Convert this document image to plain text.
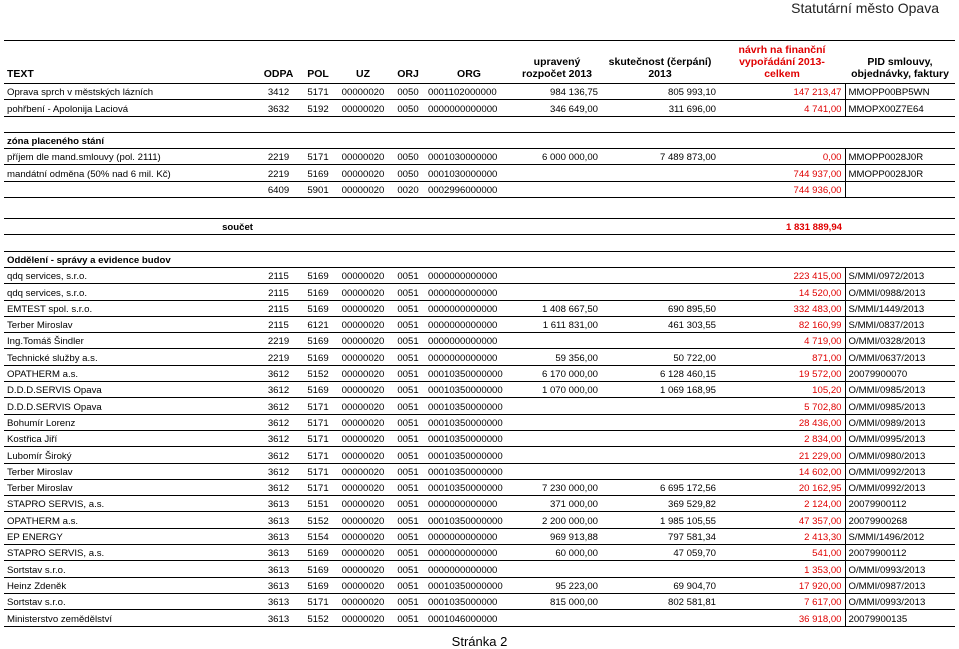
Statutární město Opava
TEXT	ODPA	POL	UZ	ORJ	ORG	upravený rozpočet 2013	skutečnost (čerpání) 2013	návrh na finanční vypořádání 2013-celkem	PID smlouvy, objednávky, faktury
Oprava sprch v městských lázních	3412	5171	00000020	0050	0001102000000	984 136,75	805 993,10	147 213,47	MMOPP00BP5WN
pohřbení - Apolonija Laciová	3632	5192	00000020	0050	0000000000000	346 649,00	311 696,00	4 741,00	MMOPX00Z7E64

zóna placeného stání									
příjem dle mand.smlouvy (pol. 2111)	2219	5171	00000020	0050	0001030000000	6 000 000,00	7 489 873,00	0,00	MMOPP0028J0R
mandátní odměna (50% nad 6 mil. Kč)	2219	5169	00000020	0050	0001030000000			744 937,00	MMOPP0028J0R
	6409	5901	00000020	0020	0002996000000			744 936,00	

součet								1 831 889,94	

Oddělení - správy a evidence budov									
qdq services, s.r.o.	2115	5169	00000020	0051	0000000000000			223 415,00	S/MMI/0972/2013
qdq services, s.r.o.	2115	5169	00000020	0051	0000000000000			14 520,00	O/MMI/0988/2013
EMTEST spol. s.r.o.	2115	5169	00000020	0051	0000000000000	1 408 667,50	690 895,50	332 483,00	S/MMI/1449/2013
Terber Miroslav	2115	6121	00000020	0051	0000000000000	1 611 831,00	461 303,55	82 160,99	S/MMI/0837/2013
Ing.Tomáš Šindler	2219	5169	00000020	0051	0000000000000			4 719,00	O/MMI/0328/2013
Technické služby a.s.	2219	5169	00000020	0051	0000000000000	59 356,00	50 722,00	871,00	O/MMI/0637/2013
OPATHERM a.s.	3612	5152	00000020	0051	00010350000000	6 170 000,00	6 128 460,15	19 572,00	20079900070
D.D.D.SERVIS Opava	3612	5169	00000020	0051	00010350000000	1 070 000,00	1 069 168,95	105,20	O/MMI/0985/2013
D.D.D.SERVIS Opava	3612	5171	00000020	0051	00010350000000			5 702,80	O/MMI/0985/2013
Bohumír Lorenz	3612	5171	00000020	0051	00010350000000			28 436,00	O/MMI/0989/2013
Kostřica Jiří	3612	5171	00000020	0051	00010350000000			2 834,00	O/MMI/0995/2013
Lubomír Široký	3612	5171	00000020	0051	00010350000000			21 229,00	O/MMI/0980/2013
Terber Miroslav	3612	5171	00000020	0051	00010350000000			14 602,00	O/MMI/0992/2013
Terber Miroslav	3612	5171	00000020	0051	00010350000000	7 230 000,00	6 695 172,56	20 162,95	O/MMI/0992/2013
STAPRO SERVIS, a.s.	3613	5151	00000020	0051	0000000000000	371 000,00	369 529,82	2 124,00	20079900112
OPATHERM a.s.	3613	5152	00000020	0051	00010350000000	2 200 000,00	1 985 105,55	47 357,00	20079900268
EP ENERGY	3613	5154	00000020	0051	0000000000000	969 913,88	797 581,34	2 413,30	S/MMI/1496/2012
STAPRO SERVIS, a.s.	3613	5169	00000020	0051	0000000000000	60 000,00	47 059,70	541,00	20079900112
Sortstav s.r.o.	3613	5169	00000020	0051	0000000000000			1 353,00	O/MMI/0993/2013
Heinz Zdeněk	3613	5169	00000020	0051	00010350000000	95 223,00	69 904,70	17 920,00	O/MMI/0987/2013
Sortstav s.r.o.	3613	5171	00000020	0051	0001035000000	815 000,00	802 581,81	7 617,00	O/MMI/0993/2013
Ministerstvo zemědělství	3613	5152	00000020	0051	0001046000000			36 918,00	20079900135
Stránka 2
